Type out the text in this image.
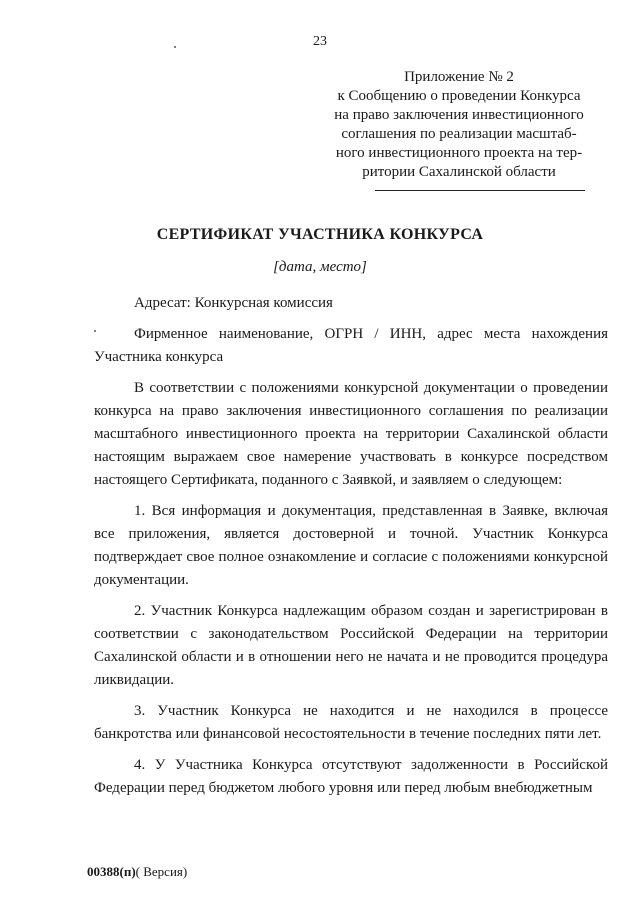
23
Приложение № 2
к Сообщению о проведении Конкурса
на право заключения инвестиционного
соглашения по реализации масштаб-
ного инвестиционного проекта на тер-
ритории Сахалинской области
СЕРТИФИКАТ УЧАСТНИКА КОНКУРСА
[дата, место]

Адресат: Конкурсная комиссия

Фирменное наименование, ОГРН / ИНН, адрес места нахождения Участника конкурса

В соответствии с положениями конкурсной документации о проведении конкурса на право заключения инвестиционного соглашения по реализации масштабного инвестиционного проекта на территории Сахалинской области настоящим выражаем свое намерение участвовать в конкурсе посредством настоящего Сертификата, поданного с Заявкой, и заявляем о следующем:

1. Вся информация и документация, представленная в Заявке, включая все приложения, является достоверной и точной. Участник Конкурса подтверждает свое полное ознакомление и согласие с положениями конкурсной документации.

2. Участник Конкурса надлежащим образом создан и зарегистрирован в соответствии с законодательством Российской Федерации на территории Сахалинской области и в отношении него не начата и не проводится процедура ликвидации.

3. Участник Конкурса не находится и не находился в процессе банкротства или финансовой несостоятельности в течение последних пяти лет.

4. У Участника Конкурса отсутствуют задолженности в Российской Федерации перед бюджетом любого уровня или перед любым внебюджетным

00388(п)( Версия)
